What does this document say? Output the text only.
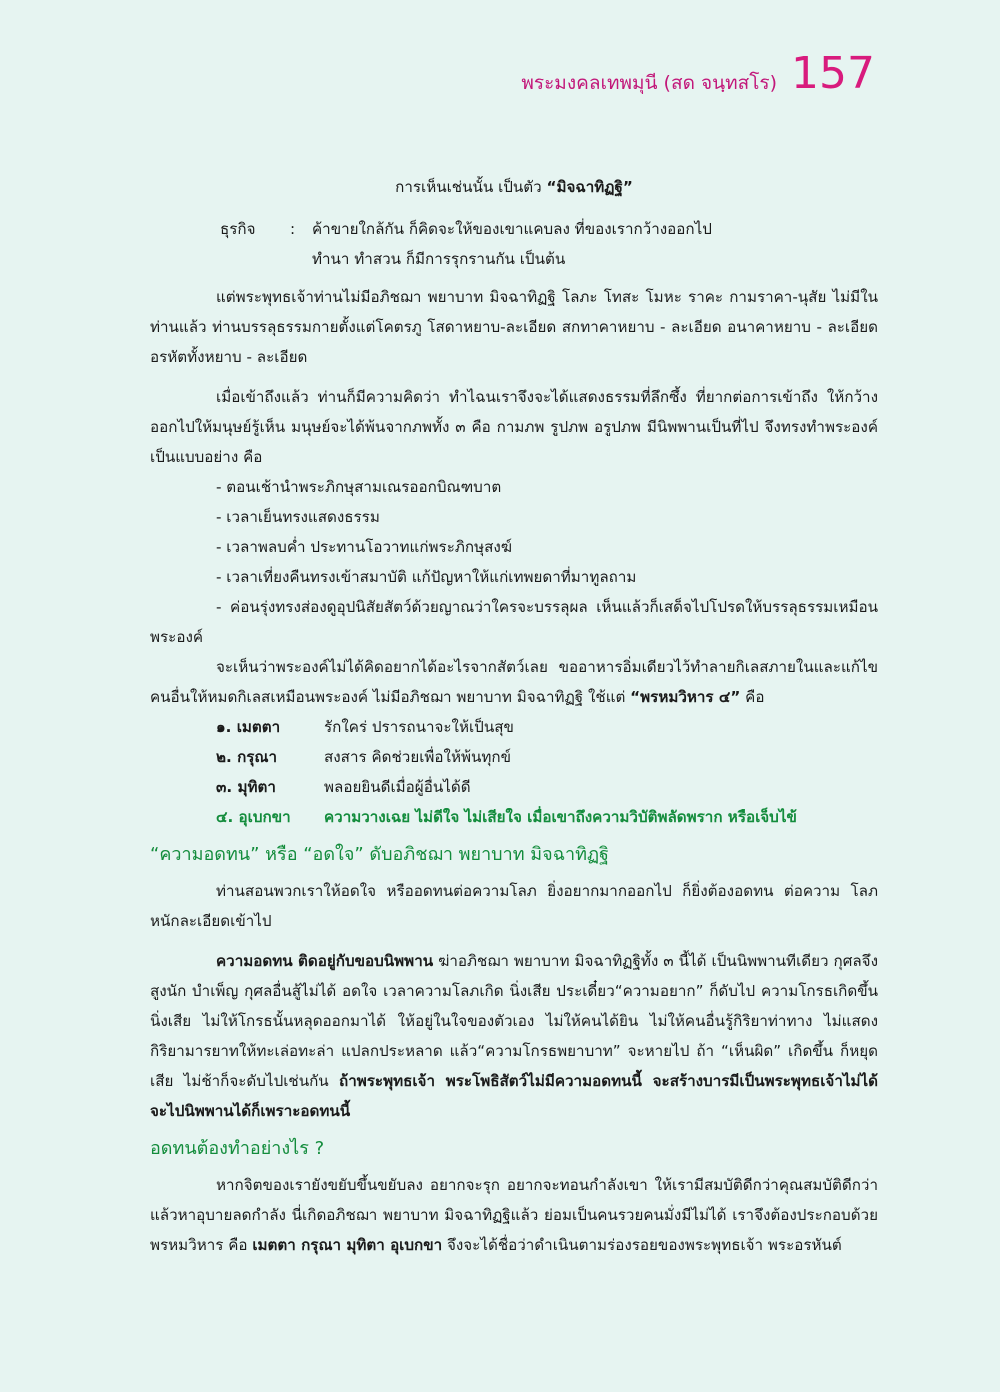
พระมงคลเทพมุนี (สด จนฺทสโร) 157

การเห็นเช่นนั้น เป็นตัว “มิจฉาทิฏฐิ”

ธุรกิจ	:	ค้าขายใกล้กัน ก็คิดจะให้ของเขาแคบลง ที่ของเรากว้างออกไป
ทำนา ทำสวน ก็มีการรุกรานกัน เป็นต้น

แต่พระพุทธเจ้าท่านไม่มีอภิชฌา พยาบาท มิจฉาทิฏฐิ โลภะ โทสะ โมหะ ราคะ กามราคา-นุสัย ไม่มีในท่านแล้ว ท่านบรรลุธรรมกายตั้งแต่โคตรภู โสดาหยาบ-ละเอียด สกทาคาหยาบ - ละเอียด อนาคาหยาบ - ละเอียด อรหัตทั้งหยาบ - ละเอียด

เมื่อเข้าถึงแล้ว ท่านก็มีความคิดว่า ทำไฉนเราจึงจะได้แสดงธรรมที่ลึกซึ้ง ที่ยากต่อการเข้าถึง ให้กว้างออกไปให้มนุษย์รู้เห็น มนุษย์จะได้พ้นจากภพทั้ง ๓ คือ กามภพ รูปภพ อรูปภพ มีนิพพานเป็นที่ไป จึงทรงทำพระองค์เป็นแบบอย่าง คือ

- ตอนเช้านำพระภิกษุสามเณรออกบิณฑบาต

- เวลาเย็นทรงแสดงธรรม

- เวลาพลบค่ำ ประทานโอวาทแก่พระภิกษุสงฆ์

- เวลาเที่ยงคืนทรงเข้าสมาบัติ แก้ปัญหาให้แก่เทพยดาที่มาทูลถาม

- ค่อนรุ่งทรงส่องดูอุปนิสัยสัตว์ด้วยญาณว่าใครจะบรรลุผล เห็นแล้วก็เสด็จไปโปรดให้บรรลุธรรมเหมือนพระองค์

จะเห็นว่าพระองค์ไม่ได้คิดอยากได้อะไรจากสัตว์เลย ขออาหารอิ่มเดียวไว้ทำลายกิเลสภายในและแก้ไขคนอื่นให้หมดกิเลสเหมือนพระองค์ ไม่มีอภิชฌา พยาบาท มิจฉาทิฏฐิ ใช้แต่ “พรหมวิหาร ๔” คือ

๑. เมตตา	รักใคร่ ปรารถนาจะให้เป็นสุข
๒. กรุณา	สงสาร คิดช่วยเพื่อให้พ้นทุกข์
๓. มุทิตา	พลอยยินดีเมื่อผู้อื่นได้ดี
๔. อุเบกขา	ความวางเฉย ไม่ดีใจ ไม่เสียใจ เมื่อเขาถึงความวิบัติพลัดพราก หรือเจ็บไข้
“ความอดทน” หรือ “อดใจ” ดับอภิชฌา พยาบาท มิจฉาทิฏฐิ

ท่านสอนพวกเราให้อดใจ หรืออดทนต่อความโลภ ยิ่งอยากมากออกไป ก็ยิ่งต้องอดทน ต่อความ โลภหนักละเอียดเข้าไป

ความอดทน ติดอยู่กับขอบนิพพาน ฆ่าอภิชฌา พยาบาท มิจฉาทิฏฐิทั้ง ๓ นี้ได้ เป็นนิพพานทีเดียว กุศลจึงสูงนัก บำเพ็ญ กุศลอื่นสู้ไม่ได้ อดใจ เวลาความโลภเกิด นิ่งเสีย ประเดี๋ยว“ความอยาก” ก็ดับไป ความโกรธเกิดขึ้น นิ่งเสีย ไม่ให้โกรธนั้นหลุดออกมาได้ ให้อยู่ในใจของตัวเอง ไม่ให้คนได้ยิน ไม่ให้คนอื่นรู้กิริยาท่าทาง ไม่แสดง กิริยามารยาทให้ทะเล่อทะล่า แปลกประหลาด แล้ว“ความโกรธพยาบาท” จะหายไป ถ้า “เห็นผิด” เกิดขึ้น ก็หยุดเสีย ไม่ช้าก็จะดับไปเช่นกัน ถ้าพระพุทธเจ้า พระโพธิสัตว์ไม่มีความอดทนนี้ จะสร้างบารมีเป็นพระพุทธเจ้าไม่ได้ จะไปนิพพานได้ก็เพราะอดทนนี้

อดทนต้องทำอย่างไร ?

หากจิตของเรายังขยับขึ้นขยับลง อยากจะรุก อยากจะทอนกำลังเขา ให้เรามีสมบัติดีกว่าคุณสมบัติดีกว่า แล้วหาอุบายลดกำลัง นี่เกิดอภิชฌา พยาบาท มิจฉาทิฏฐิแล้ว ย่อมเป็นคนรวยคนมั่งมีไม่ได้ เราจึงต้องประกอบด้วยพรหมวิหาร คือ เมตตา กรุณา มุทิตา อุเบกขา จึงจะได้ชื่อว่าดำเนินตามร่องรอยของพระพุทธเจ้า พระอรหันต์
